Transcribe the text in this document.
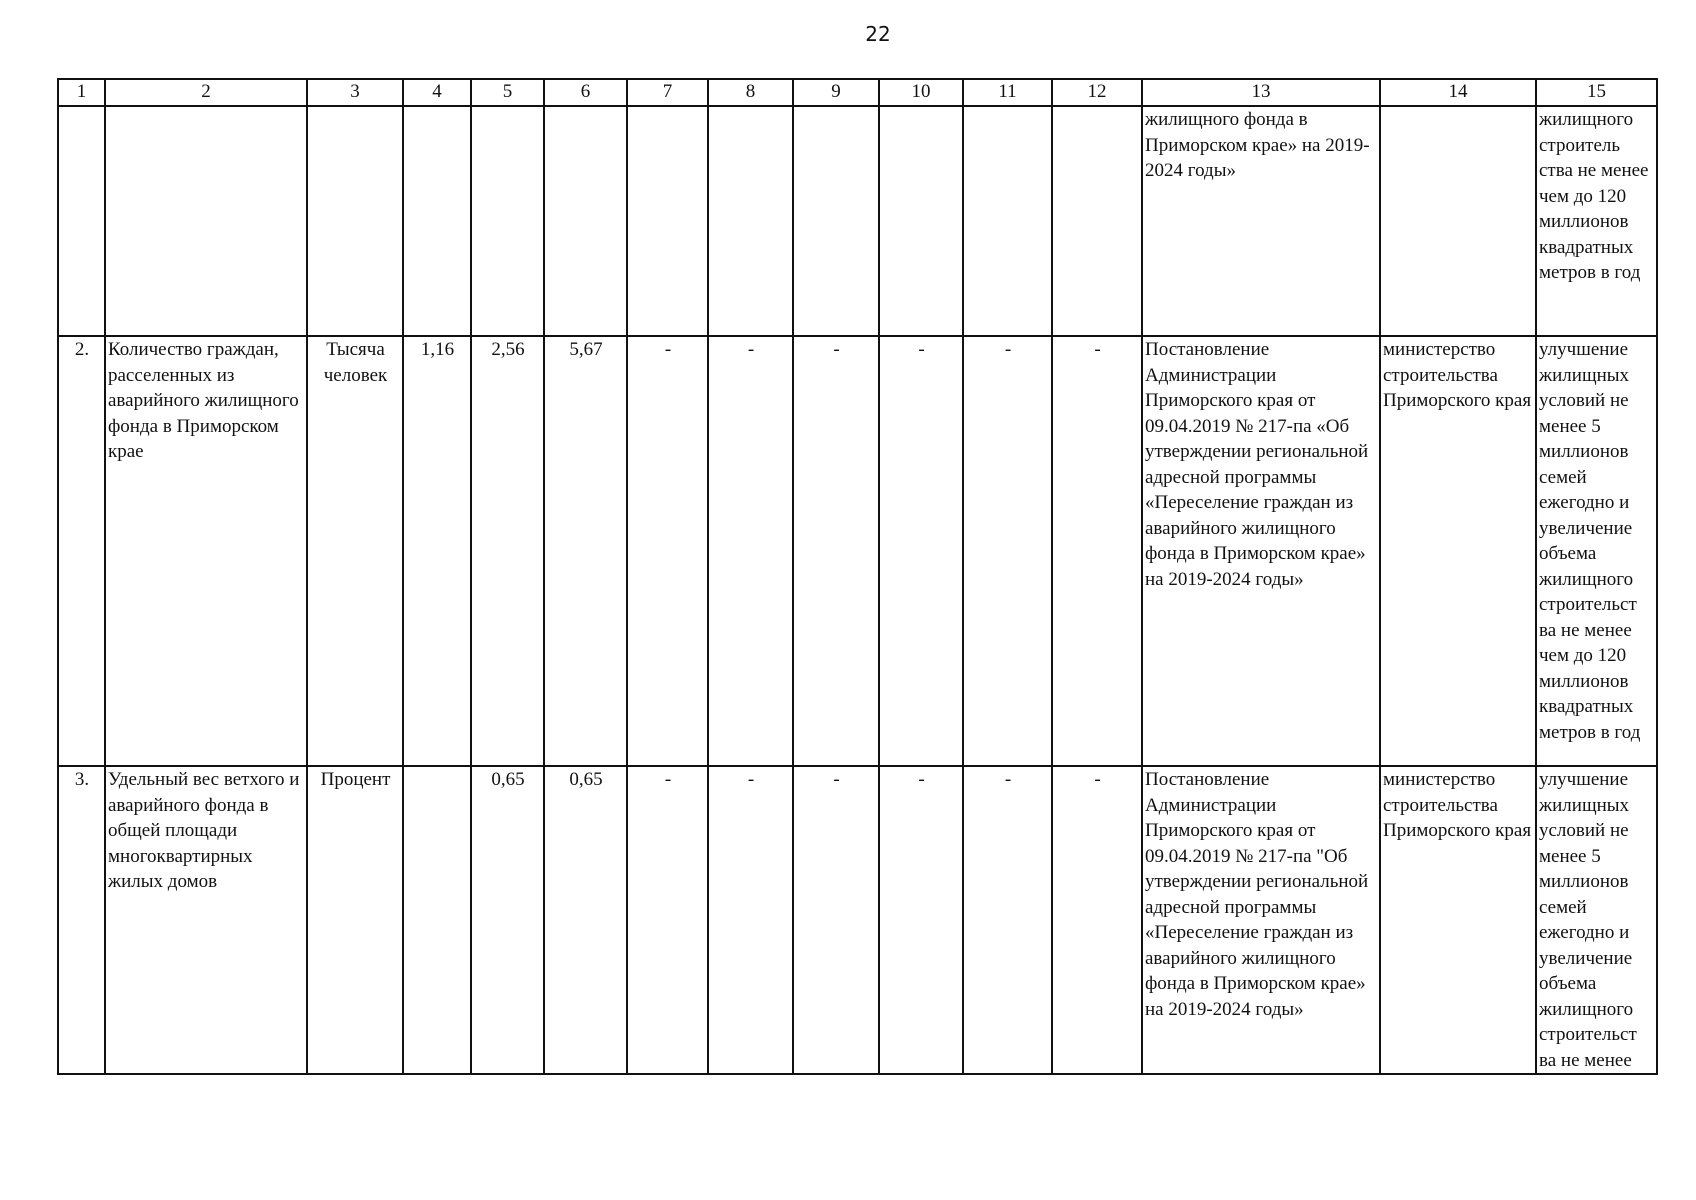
22
1	2	3	4	5	6	7	8	9	10	11	12	13	14	15
												жилищного фонда в Приморском крае» на 2019-2024 годы»		жилищного строитель ства не менее чем до 120 миллионов квадратных метров в год
2.	Количество граждан, расселенных из аварийного жилищного фонда в Приморском крае	Тысяча человек	1,16	2,56	5,67	-	-	-	-	-	-	Постановление Администрации Приморского края от 09.04.2019 № 217-па «Об утверждении региональной адресной программы «Переселение граждан из аварийного жилищного фонда в Приморском крае» на 2019-2024 годы»	министерство строительства Приморского края	улучшение жилищных условий не менее 5 миллионов семей ежегодно и увеличение объема жилищного строительст ва не менее чем до 120 миллионов квадратных метров в год
3.	Удельный вес ветхого и аварийного фонда в общей площади многоквартирных жилых домов	Процент		0,65	0,65	-	-	-	-	-	-	Постановление Администрации Приморского края от 09.04.2019 № 217-па "Об утверждении региональной адресной программы «Переселение граждан из аварийного жилищного фонда в Приморском крае» на 2019-2024 годы»	министерство строительства Приморского края	улучшение жилищных условий не менее 5 миллионов семей ежегодно и увеличение объема жилищного строительст ва не менее
